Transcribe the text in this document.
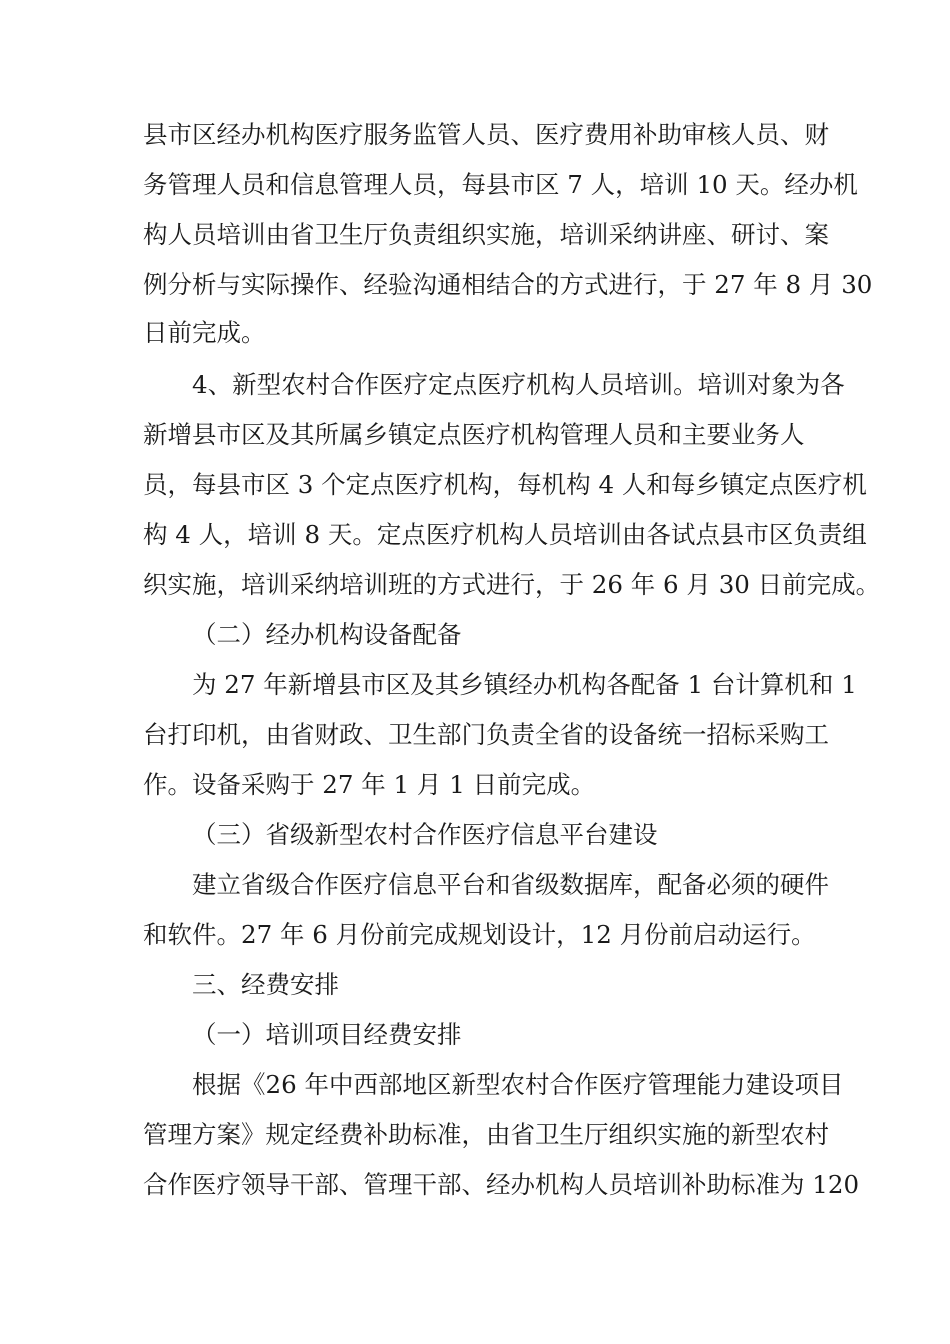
县市区经办机构医疗服务监管人员、医疗费用补助审核人员、财
务管理人员和信息管理人员，每县市区 7 人，培训 10 天。经办机
构人员培训由省卫生厅负责组织实施，培训采纳讲座、研讨、案
例分析与实际操作、经验沟通相结合的方式进行，于 27 年 8 月 30
日前完成。
4、新型农村合作医疗定点医疗机构人员培训。培训对象为各
新增县市区及其所属乡镇定点医疗机构管理人员和主要业务人
员，每县市区 3 个定点医疗机构，每机构 4 人和每乡镇定点医疗机
构 4 人，培训 8 天。定点医疗机构人员培训由各试点县市区负责组
织实施，培训采纳培训班的方式进行，于 26 年 6 月 30 日前完成。
（二）经办机构设备配备
为 27 年新增县市区及其乡镇经办机构各配备 1 台计算机和 1
台打印机，由省财政、卫生部门负责全省的设备统一招标采购工
作。设备采购于 27 年 1 月 1 日前完成。
（三）省级新型农村合作医疗信息平台建设
建立省级合作医疗信息平台和省级数据库，配备必须的硬件
和软件。27 年 6 月份前完成规划设计，12 月份前启动运行。
三、经费安排
（一）培训项目经费安排
根据《26 年中西部地区新型农村合作医疗管理能力建设项目
管理方案》规定经费补助标准，由省卫生厅组织实施的新型农村
合作医疗领导干部、管理干部、经办机构人员培训补助标准为 120
